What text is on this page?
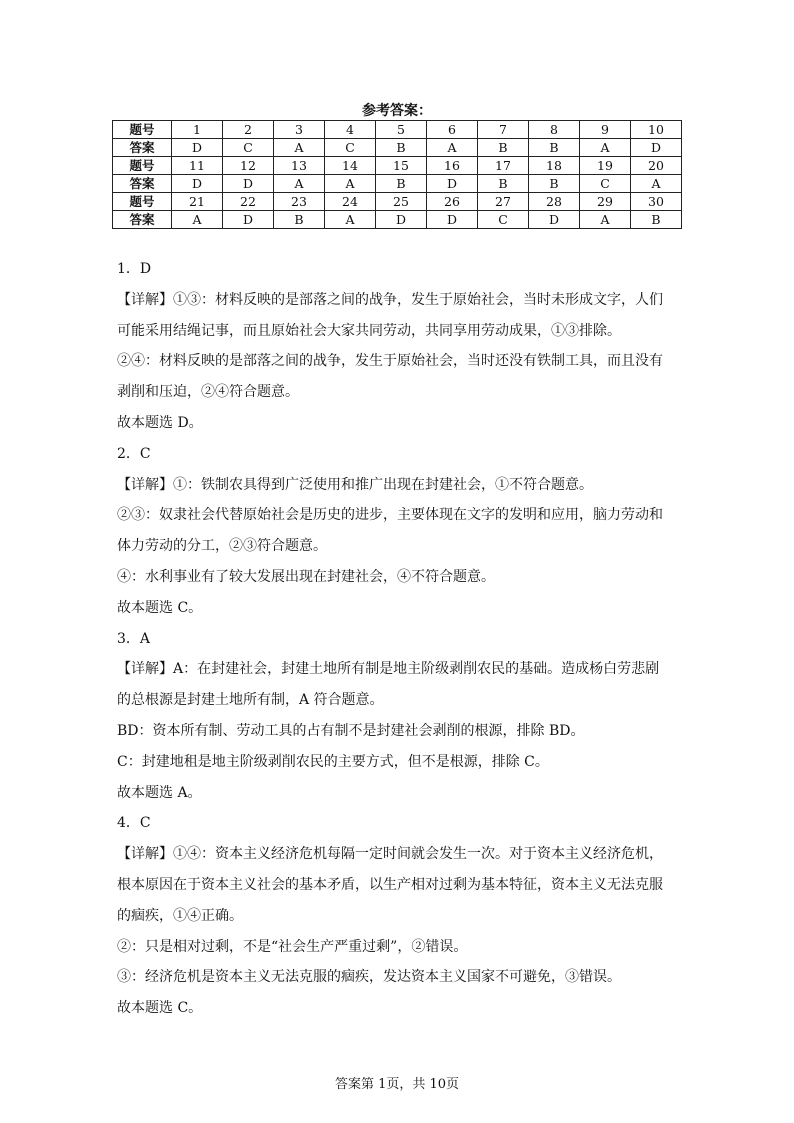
参考答案：
题号	1	2	3	4	5	6	7	8	9	10
答案	D	C	A	C	B	A	B	B	A	D
题号	11	12	13	14	15	16	17	18	19	20
答案	D	D	A	A	B	D	B	B	C	A
题号	21	22	23	24	25	26	27	28	29	30
答案	A	D	B	A	D	D	C	D	A	B

1．D

【详解】①③：材料反映的是部落之间的战争，发生于原始社会，当时未形成文字，人们

可能采用结绳记事，而且原始社会大家共同劳动，共同享用劳动成果，①③排除。

②④：材料反映的是部落之间的战争，发生于原始社会，当时还没有铁制工具，而且没有

剥削和压迫，②④符合题意。

故本题选 D。

2．C

【详解】①：铁制农具得到广泛使用和推广出现在封建社会，①不符合题意。

②③：奴隶社会代替原始社会是历史的进步，主要体现在文字的发明和应用，脑力劳动和

体力劳动的分工，②③符合题意。

④：水利事业有了较大发展出现在封建社会，④不符合题意。

故本题选 C。

3．A

【详解】A：在封建社会，封建土地所有制是地主阶级剥削农民的基础。造成杨白劳悲剧

的总根源是封建土地所有制，A 符合题意。

BD：资本所有制、劳动工具的占有制不是封建社会剥削的根源，排除 BD。

C：封建地租是地主阶级剥削农民的主要方式，但不是根源，排除 C。

故本题选 A。

4．C

【详解】①④：资本主义经济危机每隔一定时间就会发生一次。对于资本主义经济危机，

根本原因在于资本主义社会的基本矛盾，以生产相对过剩为基本特征，资本主义无法克服

的痼疾，①④正确。

②：只是相对过剩，不是“社会生产严重过剩”，②错误。

③：经济危机是资本主义无法克服的痼疾，发达资本主义国家不可避免，③错误。

故本题选 C。

答案第 1页，共 10页
